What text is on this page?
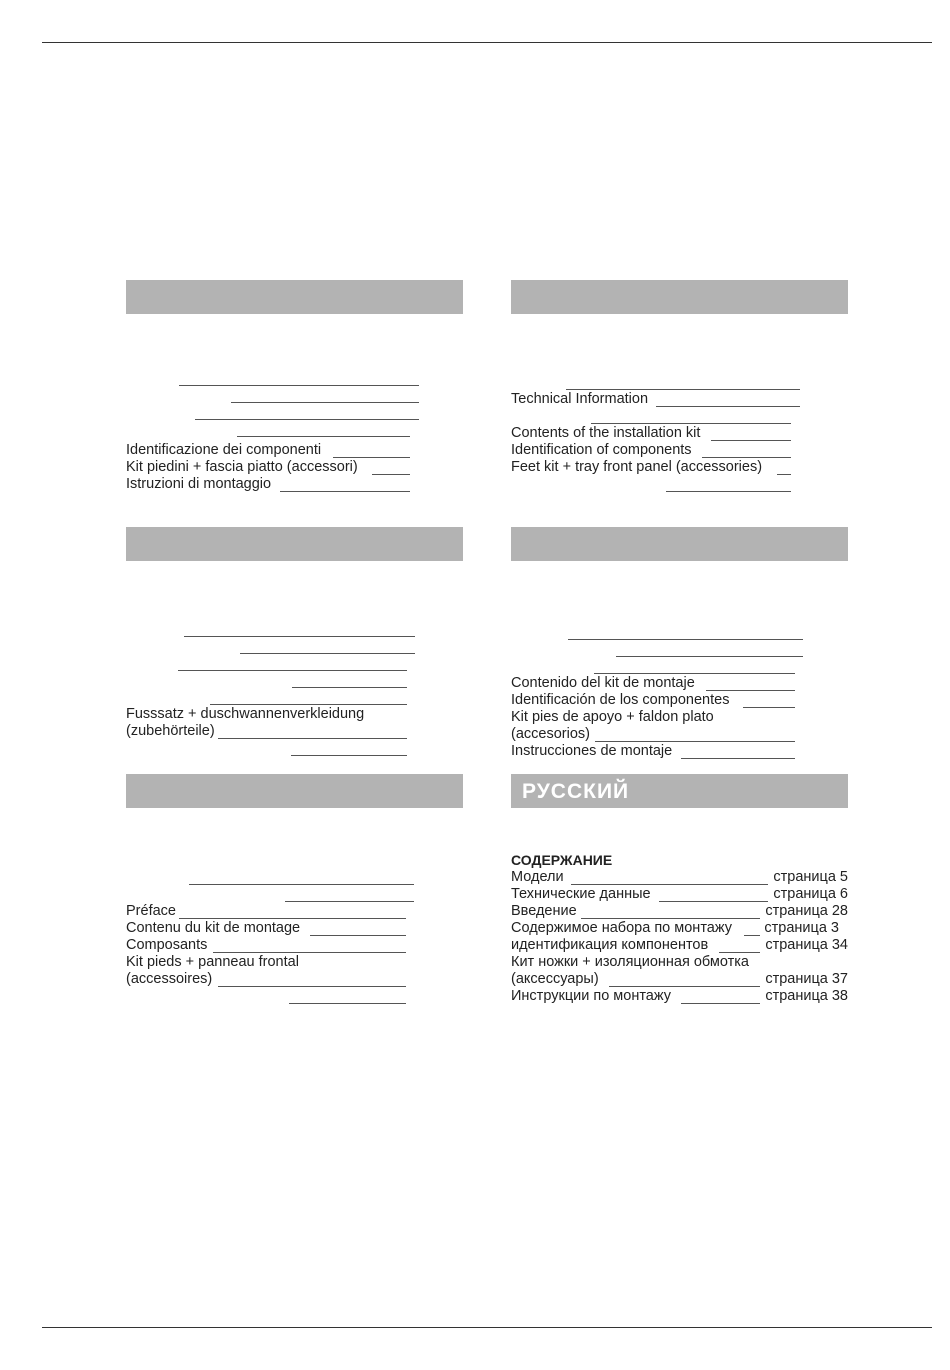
Identificazione dei componenti
Kit piedini + fascia piatto (accessori)
Istruzioni di montaggio
Technical Information
Contents of the installation kit
Identification of components
Feet kit + tray front panel (accessories)
Fusssatz + duschwannenverkleidung
(zubehörteile)
Contenido del kit de montaje
Identificación de los componentes
Kit pies de apoyo + faldon plato
(accesorios)
Instrucciones de montaje
Préface
Contenu du kit de montage
Composants
Kit pieds + panneau frontal
(accessoires)
РУССКИЙ
СОДЕРЖАНИЕ
Модели	страница 5
Технические данные	страница 6
Введение	страница 28
Содержимое набора по монтажу страница 3
идентификация компонентов	страница 34
Кит ножки + изоляционная обмотка
(аксессуары)	страница 37
Инструкции по монтажу	страница 38
